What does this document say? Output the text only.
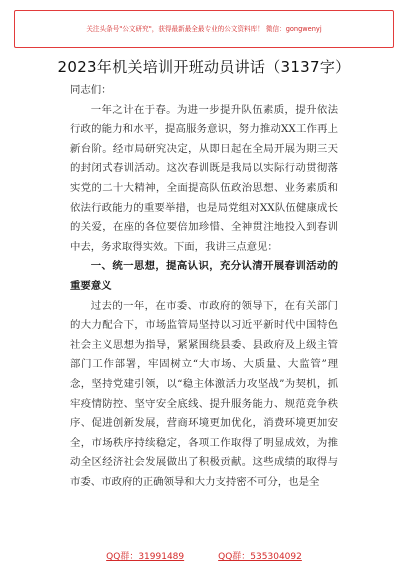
关注头条号"公文研究"，获得最新最全最专业的公文资料库！ 微信：gongwenyj
2023年机关培训开班动员讲话（3137字）

同志们：

一年之计在于春。为进一步提升队伍素质，提升依法行政的能力和水平，提高服务意识，努力推动XX工作再上新台阶。经市局研究决定，从即日起在全局开展为期三天的封闭式春训活动。这次春训既是我局以实际行动贯彻落实党的二十大精神，全面提高队伍政治思想、业务素质和依法行政能力的重要举措，也是局党组对XX队伍健康成长的关爱，在座的各位要倍加珍惜、全神贯注地投入到春训中去，务求取得实效。下面，我讲三点意见：

一、统一思想，提高认识，充分认清开展春训活动的重要意义

过去的一年，在市委、市政府的领导下，在有关部门的大力配合下，市场监管局坚持以习近平新时代中国特色社会主义思想为指导，紧紧围绕县委、县政府及上级主管部门工作部署，牢固树立“大市场、大质量、大监管”理念，坚持党建引领，以“稳主体激活力攻坚战”为契机，抓牢疫情防控、坚守安全底线、提升服务能力、规范竞争秩序、促进创新发展，营商环境更加优化，消费环境更加安全，市场秩序持续稳定，各项工作取得了明显成效，为推动全区经济社会发展做出了积极贡献。这些成绩的取得与市委、市政府的正确领导和大力支持密不可分，也是全

QQ群：31991489	QQ群：535304092
